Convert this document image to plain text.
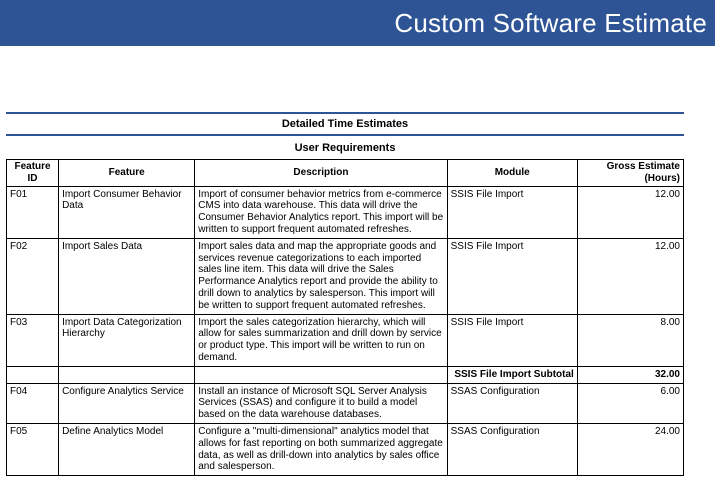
Custom Software Estimate
Detailed Time Estimates
User Requirements
Feature ID	Feature	Description	Module	Gross Estimate (Hours)
F01	Import Consumer Behavior Data	Import of consumer behavior metrics from e-commerce CMS into data warehouse. This data will drive the Consumer Behavior Analytics report. This import will be written to support frequent automated refreshes.	SSIS File Import	12.00
F02	Import Sales Data	Import sales data and map the appropriate goods and services revenue categorizations to each imported sales line item. This data will drive the Sales Performance Analytics report and provide the ability to drill down to analytics by salesperson. This import will be written to support frequent automated refreshes.	SSIS File Import	12.00
F03	Import Data Categorization Hierarchy	Import the sales categorization hierarchy, which will allow for sales summarization and drill down by service or product type. This import will be written to run on demand.	SSIS File Import	8.00
			SSIS File Import Subtotal	32.00
F04	Configure Analytics Service	Install an instance of Microsoft SQL Server Analysis Services (SSAS) and configure it to build a model based on the data warehouse databases.	SSAS Configuration	6.00
F05	Define Analytics Model	Configure a "multi-dimensional" analytics model that allows for fast reporting on both summarized aggregate data, as well as drill-down into analytics by sales office and salesperson.	SSAS Configuration	24.00
